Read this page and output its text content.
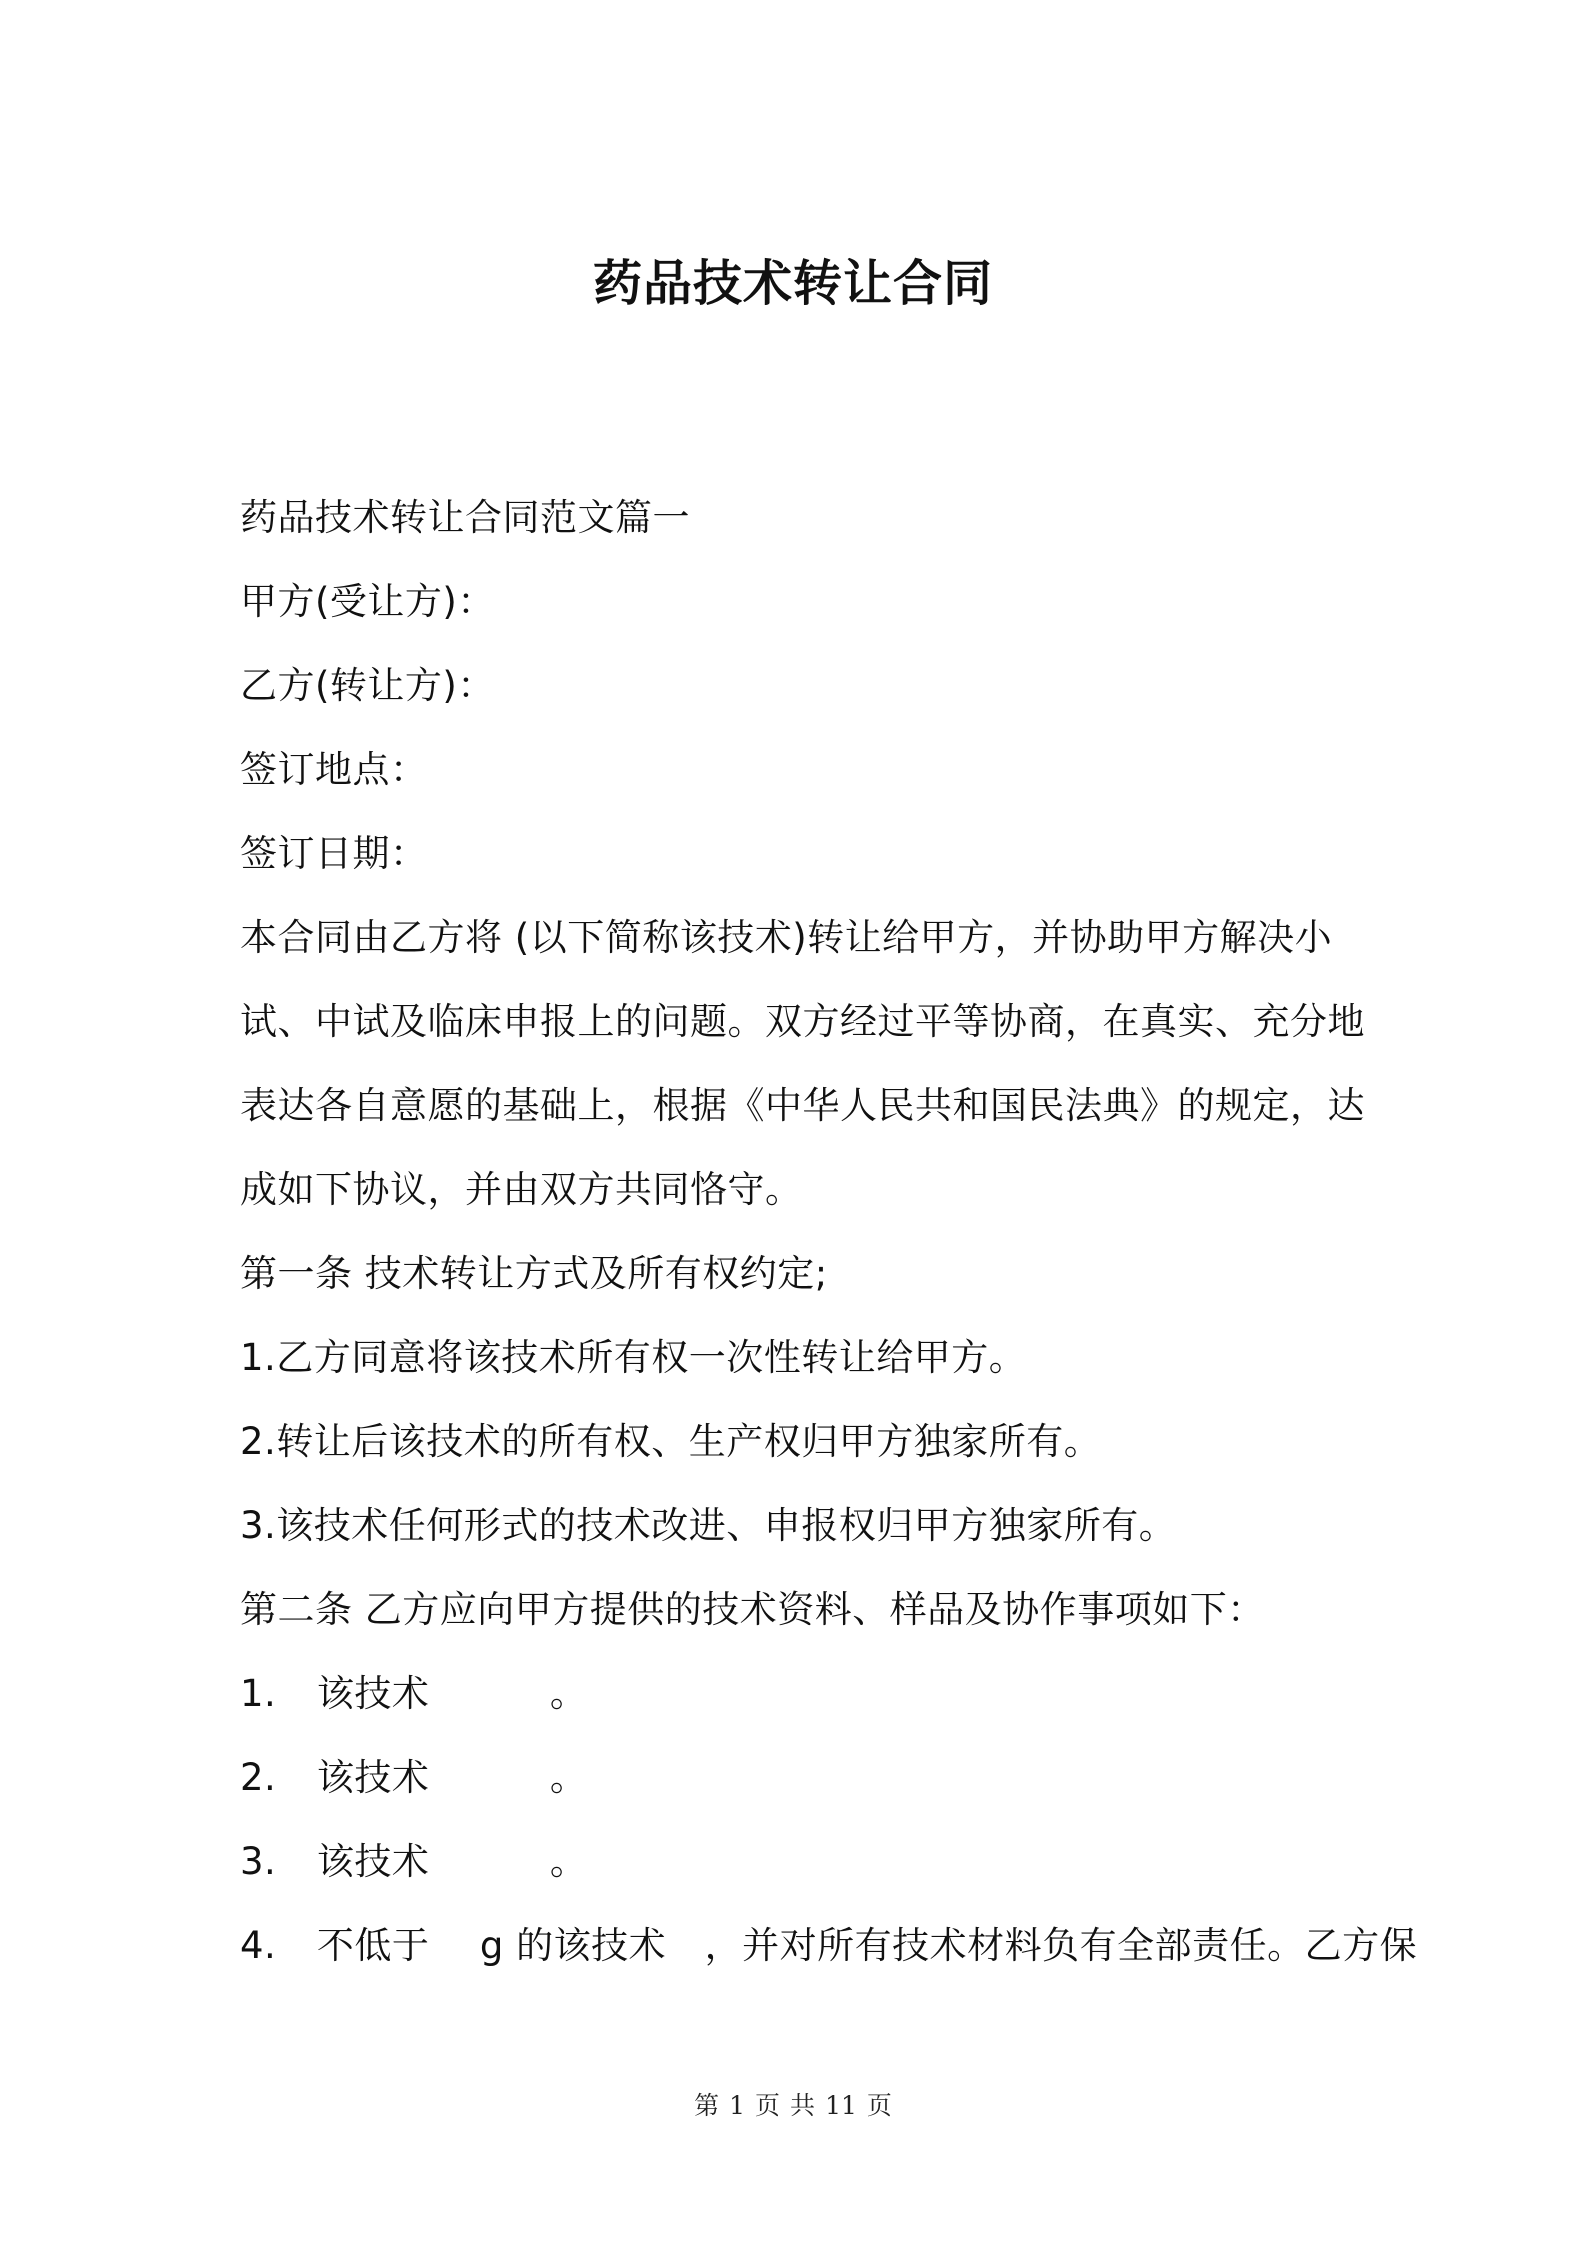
药品技术转让合同
药品技术转让合同范文篇一
甲方(受让方)：
乙方(转让方)：
签订地点：
签订日期：
本合同由乙方将 (以下简称该技术)转让给甲方，并协助甲方解决小
试、中试及临床申报上的问题。双方经过平等协商，在真实、充分地
表达各自意愿的基础上，根据《中华人民共和国民法典》的规定，达
成如下协议，并由双方共同恪守。
第一条 技术转让方式及所有权约定;
1.乙方同意将该技术所有权一次性转让给甲方。
2.转让后该技术的所有权、生产权归甲方独家所有。
3.该技术任何形式的技术改进、申报权归甲方独家所有。
第二条 乙方应向甲方提供的技术资料、样品及协作事项如下：
1. 该技术	。
2. 该技术	。
3. 该技术	。
4. 不低于 g 的该技术 ，并对所有技术材料负有全部责任。乙方保
第 1 页 共 11 页
